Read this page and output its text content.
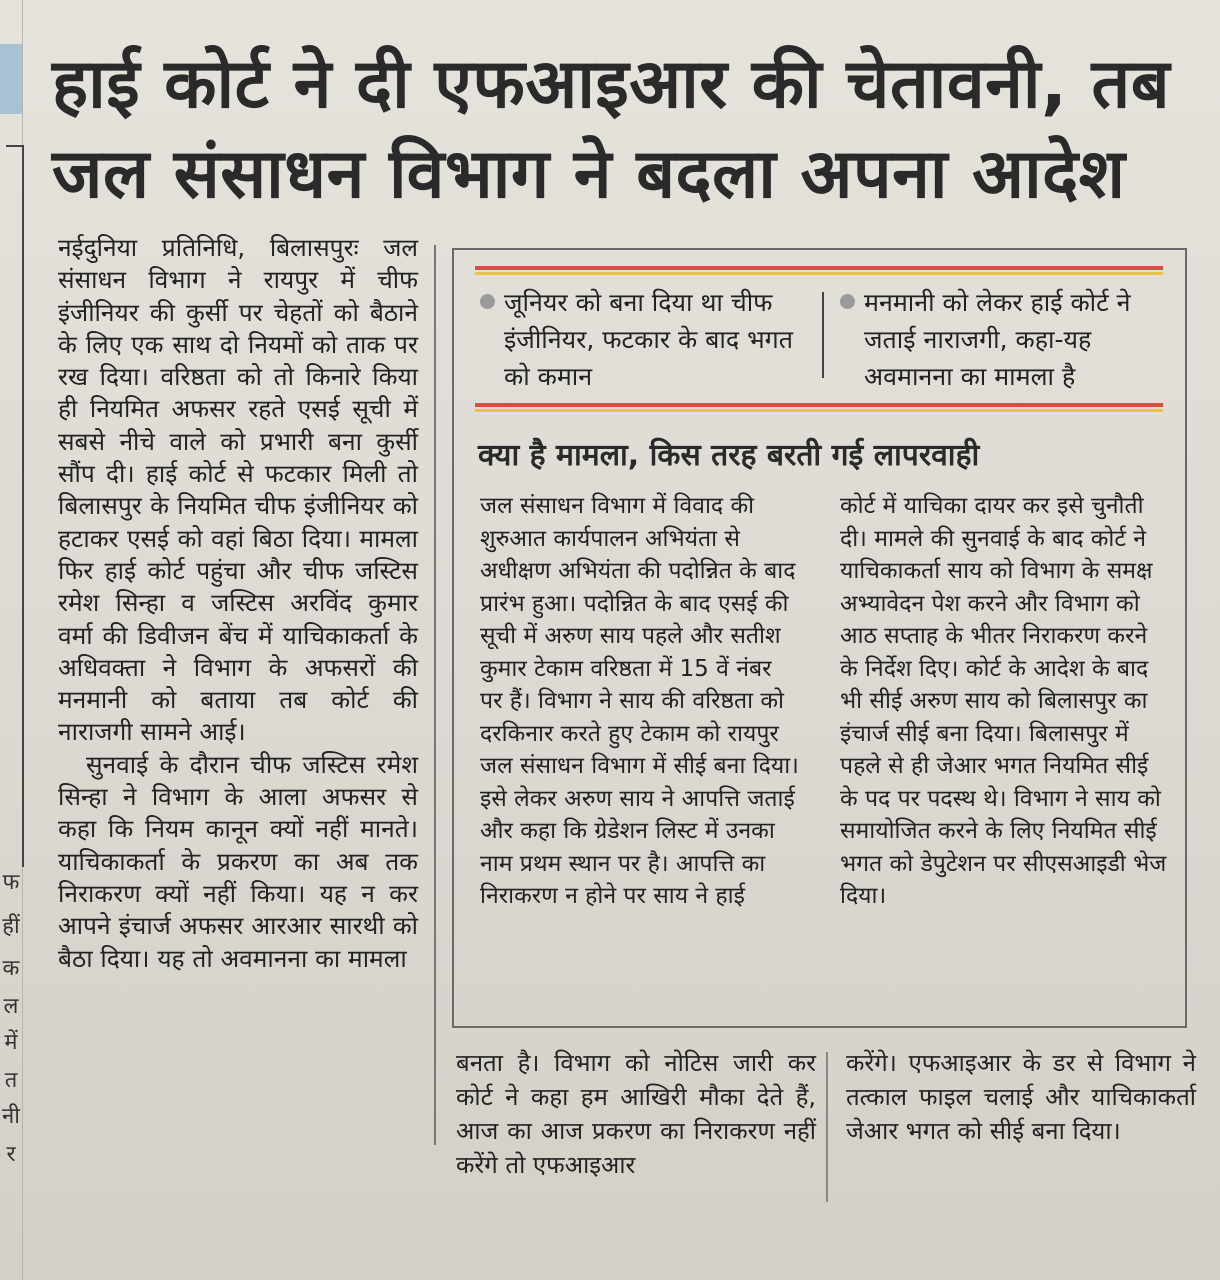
फ
हीं
क
ल
में
त
नी
र
हाई कोर्ट ने दी एफआइआर की चेतावनी, तब
जल संसाधन विभाग ने बदला अपना आदेश

नईदुनिया प्रतिनिधि, बिलासपुरः जल संसाधन विभाग ने रायपुर में चीफ इंजीनियर की कुर्सी पर चेहतों को बैठाने के लिए एक साथ दो नियमों को ताक पर रख दिया। वरिष्ठता को तो किनारे किया ही नियमित अफसर रहते एसई सूची में सबसे नीचे वाले को प्रभारी बना कुर्सी सौंप दी। हाई कोर्ट से फटकार मिली तो बिलासपुर के नियमित चीफ इंजीनियर को हटाकर एसई को वहां बिठा दिया। मामला फिर हाई कोर्ट पहुंचा और चीफ जस्टिस रमेश सिन्हा व जस्टिस अरविंद कुमार वर्मा की डिवीजन बेंच में याचिकाकर्ता के अधिवक्ता ने विभाग के अफसरों की मनमानी को बताया तब कोर्ट की नाराजगी सामने आई।

सुनवाई के दौरान चीफ जस्टिस रमेश सिन्हा ने विभाग के आला अफसर से कहा कि नियम कानून क्यों नहीं मानते। याचिकाकर्ता के प्रकरण का अब तक निराकरण क्यों नहीं किया। यह न कर आपने इंचार्ज अफसर आरआर सारथी को बैठा दिया। यह तो अवमानना का मामला

जूनियर को बना दिया था चीफ इंजीनियर, फटकार के बाद भगत को कमान
मनमानी को लेकर हाई कोर्ट ने जताई नाराजगी, कहा-यह अवमानना का मामला है
क्या है मामला, किस तरह बरती गई लापरवाही

जल संसाधन विभाग में विवाद की शुरुआत कार्यपालन अभियंता से अधीक्षण अभियंता की पदोन्नित के बाद प्रारंभ हुआ। पदोन्नित के बाद एसई की सूची में अरुण साय पहले और सतीश कुमार टेकाम वरिष्ठता में 15 वें नंबर पर हैं। विभाग ने साय की वरिष्ठता को दरकिनार करते हुए टेकाम को रायपुर जल संसाधन विभाग में सीई बना दिया। इसे लेकर अरुण साय ने आपत्ति जताई और कहा कि ग्रेडेशन लिस्ट में उनका नाम प्रथम स्थान पर है। आपत्ति का निराकरण न होने पर साय ने हाई

कोर्ट में याचिका दायर कर इसे चुनौती दी। मामले की सुनवाई के बाद कोर्ट ने याचिकाकर्ता साय को विभाग के समक्ष अभ्यावेदन पेश करने और विभाग को आठ सप्ताह के भीतर निराकरण करने के निर्देश दिए। कोर्ट के आदेश के बाद भी सीई अरुण साय को बिलासपुर का इंचार्ज सीई बना दिया। बिलासपुर में पहले से ही जेआर भगत नियमित सीई के पद पर पदस्थ थे। विभाग ने साय को समायोजित करने के लिए नियमित सीई भगत को डेपुटेशन पर सीएसआइडी भेज दिया।

बनता है। विभाग को नोटिस जारी कर कोर्ट ने कहा हम आखिरी मौका देते हैं, आज का आज प्रकरण का निराकरण नहीं करेंगे तो एफआइआर

करेंगे। एफआइआर के डर से विभाग ने तत्काल फाइल चलाई और याचिकाकर्ता जेआर भगत को सीई बना दिया।
